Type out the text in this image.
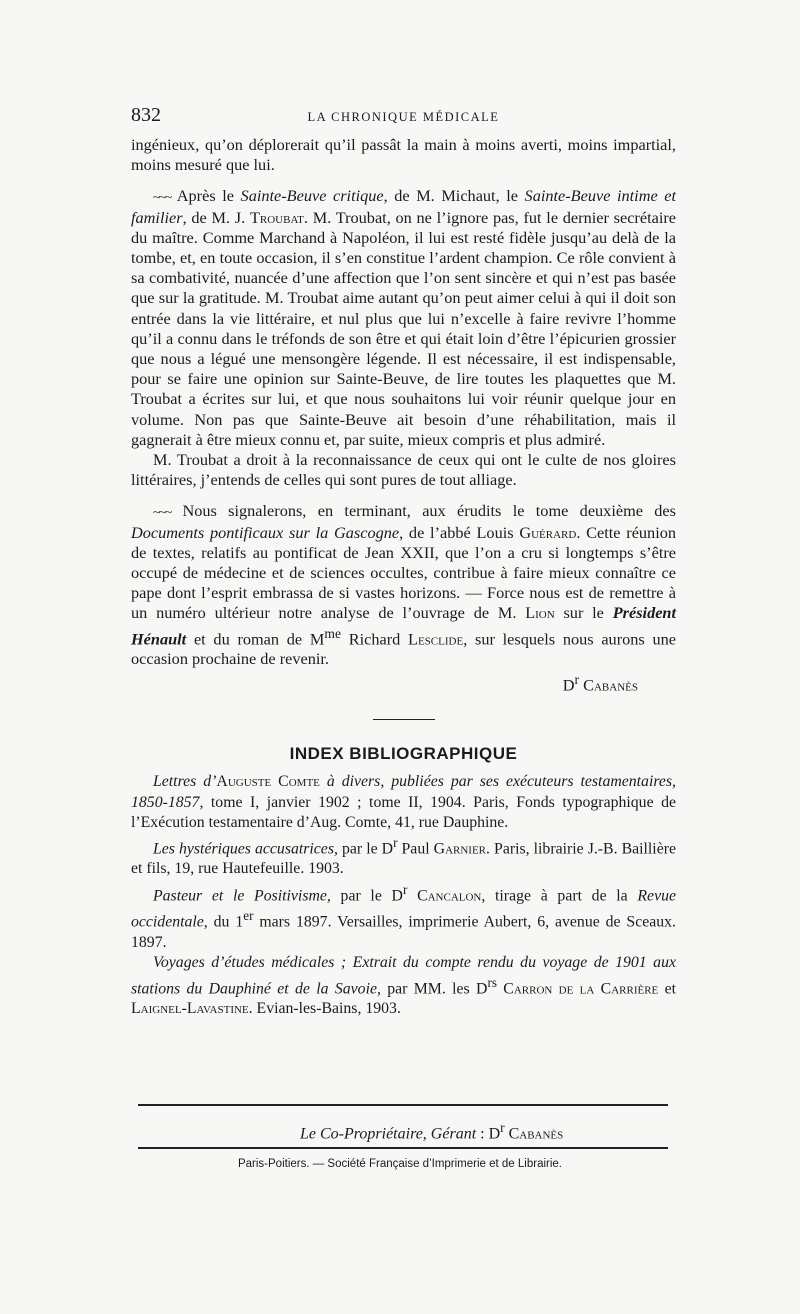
832	LA CHRONIQUE MÉDICALE

ingénieux, qu’on déplorerait qu’il passât la main à moins averti, moins impartial, moins mesuré que lui.

~~~ Après le Sainte-Beuve critique, de M. Michaut, le Sainte-Beuve intime et familier, de M. J. Troubat. M. Troubat, on ne l’ignore pas, fut le dernier secrétaire du maître. Comme Marchand à Napoléon, il lui est resté fidèle jusqu’au delà de la tombe, et, en toute occasion, il s’en constitue l’ardent champion. Ce rôle convient à sa combativité, nuancée d’une affection que l’on sent sincère et qui n’est pas basée que sur la gratitude. M. Troubat aime autant qu’on peut aimer celui à qui il doit son entrée dans la vie littéraire, et nul plus que lui n’excelle à faire revivre l’homme qu’il a connu dans le tréfonds de son être et qui était loin d’être l’épicurien grossier que nous a légué une mensongère légende. Il est nécessaire, il est indispensable, pour se faire une opinion sur Sainte-Beuve, de lire toutes les plaquettes que M. Troubat a écrites sur lui, et que nous souhaitons lui voir réunir quelque jour en volume. Non pas que Sainte-Beuve ait besoin d’une réhabilitation, mais il gagnerait à être mieux connu et, par suite, mieux compris et plus admiré.

M. Troubat a droit à la reconnaissance de ceux qui ont le culte de nos gloires littéraires, j’entends de celles qui sont pures de tout alliage.

~~~ Nous signalerons, en terminant, aux érudits le tome deuxième des Documents pontificaux sur la Gascogne, de l’abbé Louis Guérard. Cette réunion de textes, relatifs au pontificat de Jean XXII, que l’on a cru si longtemps s’être occupé de médecine et de sciences occultes, contribue à faire mieux connaître ce pape dont l’esprit embrassa de si vastes horizons. — Force nous est de remettre à un numéro ultérieur notre analyse de l’ouvrage de M. Lion sur le Président Hénault et du roman de $M^{me}$ Richard Lesclide, sur lesquels nous aurons une occasion prochaine de revenir.

$D^r$ Cabanès

INDEX BIBLIOGRAPHIQUE

Lettres d’Auguste Comte à divers, publiées par ses exécuteurs testamentaires, 1850-1857, tome I, janvier 1902 ; tome II, 1904. Paris, Fonds typographique de l’Exécution testamentaire d’Aug. Comte, 41, rue Dauphine.

Les hystériques accusatrices, par le $D^r$ Paul Garnier. Paris, librairie J.-B. Baillière et fils, 19, rue Hautefeuille. 1903.

Pasteur et le Positivisme, par le $D^r$ Cancalon, tirage à part de la Revue occidentale, du 1er mars 1897. Versailles, imprimerie Aubert, 6, avenue de Sceaux. 1897.

Voyages d’études médicales ; Extrait du compte rendu du voyage de 1901 aux stations du Dauphiné et de la Savoie, par MM. les $D^{rs}$ Carron de la Carrière et Laignel-Lavastine. Evian-les-Bains, 1903.

Le Co-Propriétaire, Gérant : $D^r$ Cabanès
Paris-Poitiers. — Société Française d’Imprimerie et de Librairie.
